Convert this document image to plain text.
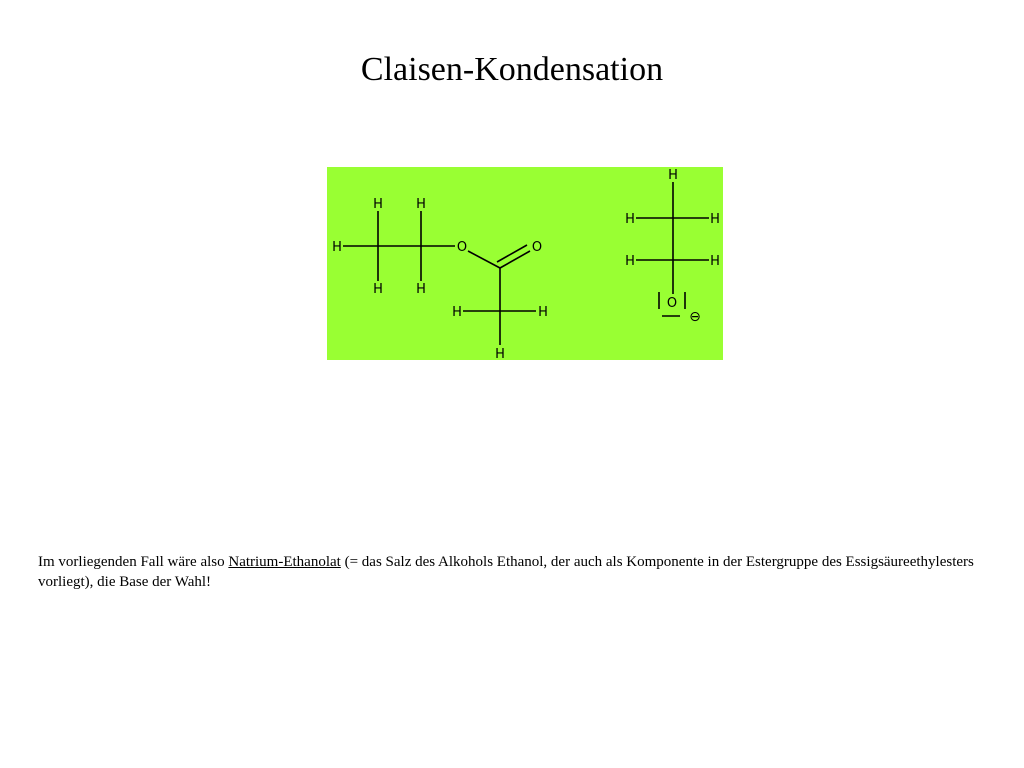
Claisen-Kondensation
H	H
H
H	H
O	O
H	H
H
H
H	H
H	H
O
⊖
Im vorliegenden Fall wäre also Natrium-Ethanolat (= das Salz des Alkohols Ethanol, der auch als Komponente in der Estergruppe des Essigsäureethylesters vorliegt), die Base der Wahl!
